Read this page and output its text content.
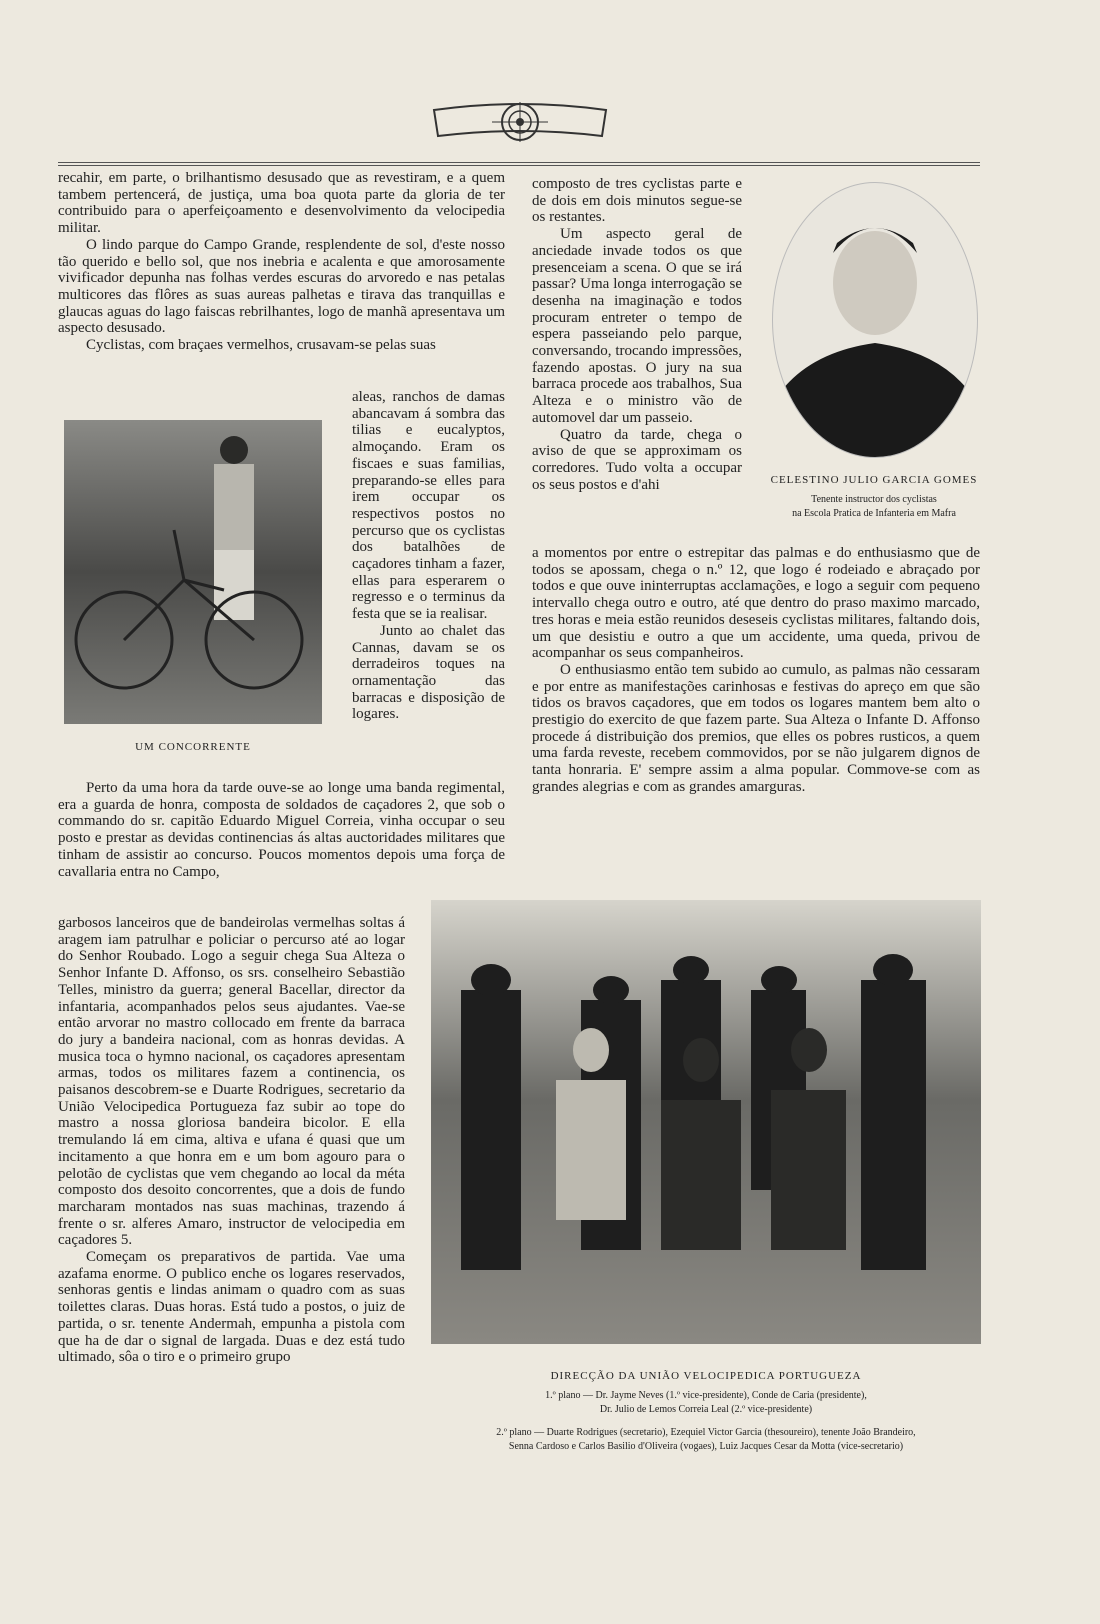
recahir, em parte, o brilhantismo desusado que as revestiram, e a quem tambem pertencerá, de justiça, uma boa quota parte da gloria de ter contribuido para o aperfeiçoamento e desenvolvimento da velocipedia militar.

O lindo parque do Campo Grande, resplendente de sol, d'este nosso tão querido e bello sol, que nos inebria e acalenta e que amorosamente vivificador depunha nas folhas verdes escuras do arvoredo e nas petalas multicores das flôres as suas aureas palhetas e tirava das tranquillas e glaucas aguas do lago faiscas rebrilhantes, logo de manhã apresentava um aspecto desusado.

Cyclistas, com braçaes vermelhos, crusavam-se pelas suas

UM CONCORRENTE

aleas, ranchos de damas abancavam á sombra das tilias e eucalyptos, almoçando. Eram os fiscaes e suas familias, preparando-se elles para irem occupar os respectivos postos no percurso que os cyclistas dos batalhões de caçadores tinham a fazer, ellas para esperarem o regresso e o terminus da festa que se ia realisar.

Junto ao chalet das Cannas, davam se os derradeiros toques na ornamentação das barracas e disposição de logares.

Perto da uma hora da tarde ouve-se ao longe uma banda regimental, era a guarda de honra, composta de soldados de caçadores 2, que sob o commando do sr. capitão Eduardo Miguel Correia, vinha occupar o seu posto e prestar as devidas continencias ás altas auctoridades militares que tinham de assistir ao concurso. Poucos momentos depois uma força de cavallaria entra no Campo,

garbosos lanceiros que de bandeirolas vermelhas soltas á aragem iam patrulhar e policiar o percurso até ao logar do Senhor Roubado. Logo a seguir chega Sua Alteza o Senhor Infante D. Affonso, os srs. conselheiro Sebastião Telles, ministro da guerra; general Bacellar, director da infantaria, acompanhados pelos seus ajudantes. Vae-se então arvorar no mastro collocado em frente da barraca do jury a bandeira nacional, com as honras devidas. A musica toca o hymno nacional, os caçadores apresentam armas, todos os militares fazem a continencia, os paisanos descobrem-se e Duarte Rodrigues, secretario da União Velocipedica Portugueza faz subir ao tope do mastro a nossa gloriosa bandeira bicolor. E ella tremulando lá em cima, altiva e ufana é quasi que um incitamento a que honra em e um bom agouro para o pelotão de cyclistas que vem chegando ao local da méta composto dos desoito concorrentes, que a dois de fundo marcharam montados nas suas machinas, trazendo á frente o sr. alferes Amaro, instructor de velocipedia em caçadores 5.

Começam os preparativos de partida. Vae uma azafama enorme. O publico enche os logares reservados, senhoras gentis e lindas animam o quadro com as suas toilettes claras. Duas horas. Está tudo a postos, o juiz de partida, o sr. tenente Andermah, empunha a pistola com que ha de dar o signal de largada. Duas e dez está tudo ultimado, sôa o tiro e o primeiro grupo

composto de tres cyclistas parte e de dois em dois minutos segue-se os restantes.

Um aspecto geral de anciedade invade todos os que presenceiam a scena. O que se irá passar? Uma longa interrogação se desenha na imaginação e todos procuram entreter o tempo de espera passeiando pelo parque, conversando, trocando impressões, fazendo apostas. O jury na sua barraca procede aos trabalhos, Sua Alteza e o ministro vão de automovel dar um passeio.

Quatro da tarde, chega o aviso de que se approximam os corredores. Tudo volta a occupar os seus postos e d'ahi	CELESTINO JULIO GARCIA GOMES
Tenente instructor dos cyclistas
na Escola Pratica de Infanteria em Mafra

a momentos por entre o estrepitar das palmas e do enthusiasmo que de todos se apossam, chega o n.º 12, que logo é rodeiado e abraçado por todos e que ouve ininterruptas acclamações, e logo a seguir com pequeno intervallo chega outro e outro, até que dentro do praso maximo marcado, tres horas e meia estão reunidos deseseis cyclistas militares, faltando dois, um que desistiu e outro a que um accidente, uma queda, privou de acompanhar os seus companheiros.

O enthusiasmo então tem subido ao cumulo, as palmas não cessaram e por entre as manifestações carinhosas e festivas do apreço em que são tidos os bravos caçadores, que em todos os logares mantem bem alto o prestigio do exercito de que fazem parte. Sua Alteza o Infante D. Affonso procede á distribuição dos premios, que elles os pobres rusticos, a quem uma farda reveste, recebem commovidos, por se não julgarem dignos de tanta honraria. E' sempre assim a alma popular. Commove-se com as grandes alegrias e com as grandes amarguras.

DIRECÇÃO DA UNIÃO VELOCIPEDICA PORTUGUEZA
1.º plano — Dr. Jayme Neves (1.º vice-presidente), Conde de Caria (presidente),
Dr. Julio de Lemos Correia Leal (2.º vice-presidente)
2.º plano — Duarte Rodrigues (secretario), Ezequiel Victor Garcia (thesoureiro), tenente João Brandeiro,
Senna Cardoso e Carlos Basilio d'Oliveira (vogaes), Luiz Jacques Cesar da Motta (vice-secretario)
